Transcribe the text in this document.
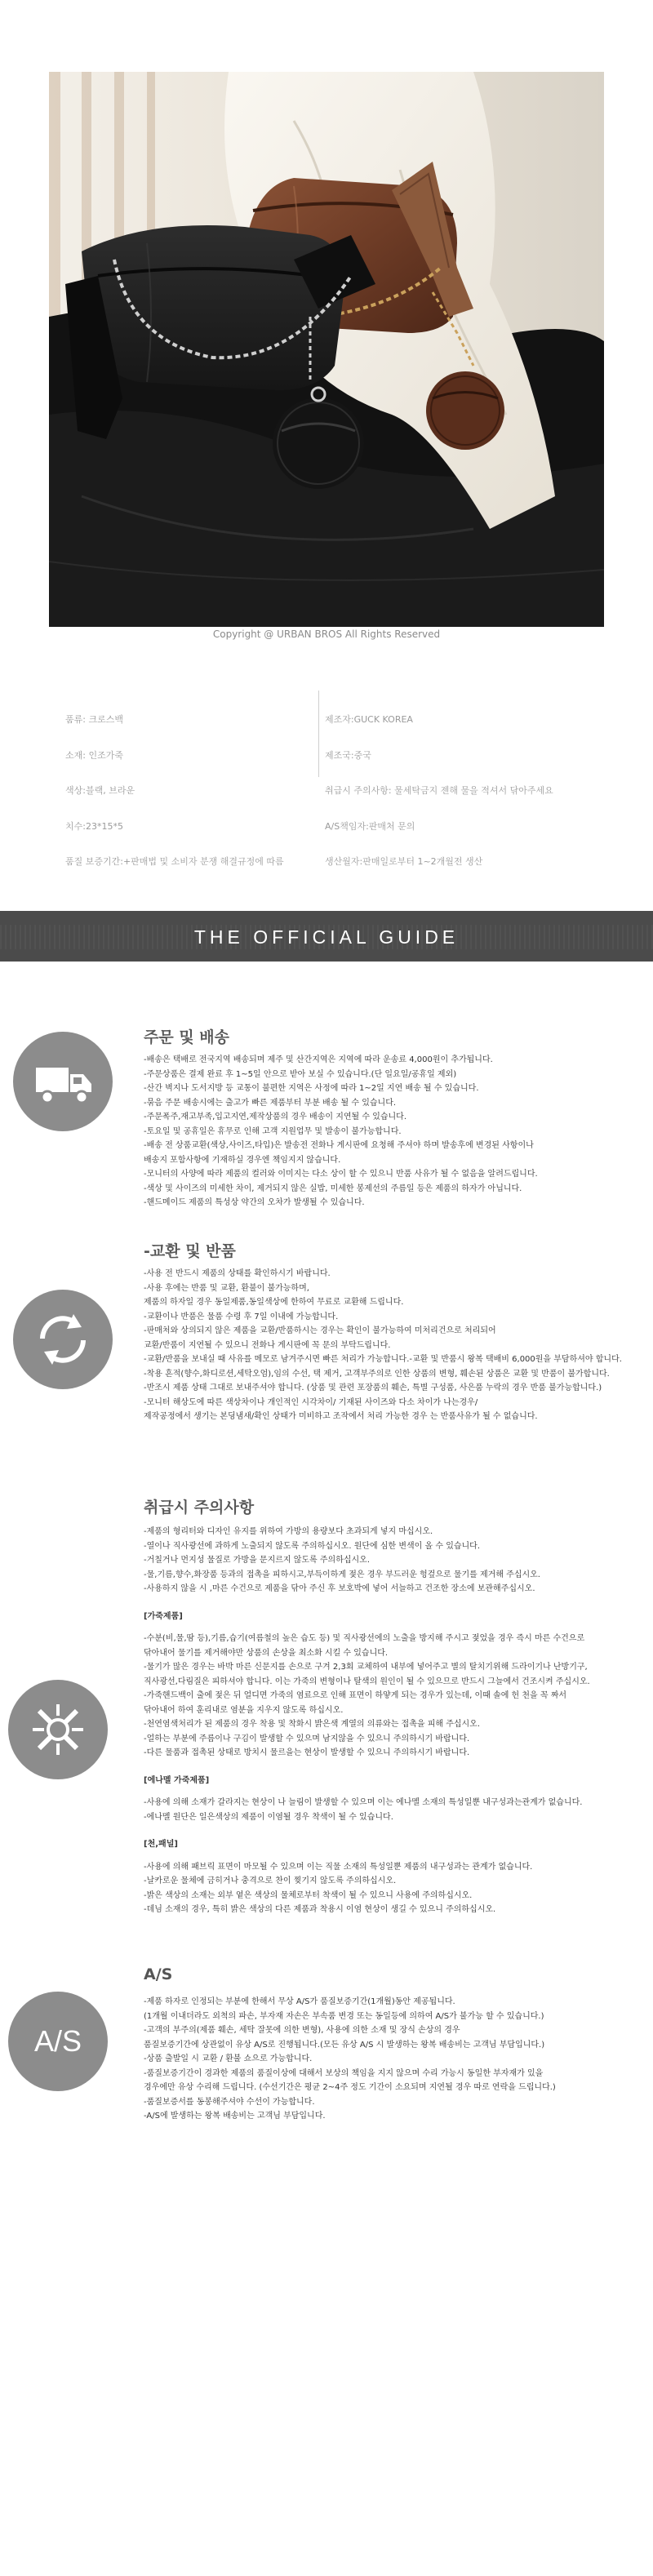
Copyright @ URBAN BROS All Rights Reserved

품류: 크로스백

소재: 인조가죽

색상:블랙, 브라운

치수:23*15*5

품질 보증기간:+판매법 및 소비자 분쟁 해결규정에 따름

제조자:GUCK KOREA

제조국:중국

취급시 주의사항: 물세탁금지 젠해 물을 적셔서 닦아주세요

A/S책임자:판매처 문의

생산월자:판매일로부터 1~2개월전 생산

THE OFFICIAL GUIDE
주문 및 배송
-배송은 택배로 전국지역 배송되며 제주 및 산간지역은 지역에 따라 운송료 4,000원이 추가됩니다.
-주문상품은 결제 완료 후 1~5일 안으로 받아 보실 수 있습니다.(단 일요일/공휴일 제외)
-산간 벽지나 도서지방 등 교통이 불편한 지역은 사정에 따라 1~2일 지연 배송 될 수 있습니다.
-묶음 주문 배송시에는 출고가 빠른 제품부터 부분 배송 될 수 있습니다.
-주문폭주,재고부족,입고지연,제작상품의 경우 배송이 지연될 수 있습니다.
-토요일 및 공휴일은 휴무로 인해 고객 지원업무 및 발송이 불가능합니다.
-배송 전 상품교환(색상,사이즈,타입)은 발송전 전화나 게시판에 요청해 주셔야 하며 발송후에 변경된 사항이나
배송지 포함사항에 기재하실 경우엔 책임지지 않습니다.
-모니터의 사양에 따라 제품의 컬러와 이미지는 다소 상이 할 수 있으니 반품 사유가 될 수 없음을 알려드립니다.
-색상 및 사이즈의 미세한 차이, 제거되지 않은 실밥, 미세한 봉제선의 주름일 등은 제품의 하자가 아닙니다.
-핸드메이드 제품의 특성상 약간의 오차가 발생될 수 있습니다.
-교환 및 반품
-사용 전 반드시 제품의 상태를 확인하시기 바랍니다.
-사용 후에는 반품 및 교환, 환불이 불가능하며,
제품의 하자일 경우 동일제품,동일색상에 한하여 무료로 교환해 드립니다.
-교환이나 반품은 물품 수령 후 7일 이내에 가능합니다.
-판매처와 상의되지 않은 제품을 교환/반품하시는 경우는 확인이 불가능하여 미처리건으로 처리되어
교환/반품이 지연될 수 있으니 전화나 게시판에 꼭 문의 부탁드립니다.
-교환/반품을 보내실 때 사유를 메모로 남겨주시면 빠른 처리가 가능합니다.-교환 및 반품시 왕복 택배비 6,000원을 부담하셔야 합니다.
-착용 흔적(향수,화디로션,세탁오엄),임의 수선, 택 제거, 고객부주의로 인한 상품의 변형, 훼손된 상품은 교환 및 반품이 불가합니다.
-반조시 제품 상태 그대로 보내주셔야 합니다. (상품 및 관련 포장품의 훼손, 특별 구성품, 사은품 누락의 경우 반품 불가능합니다.)
-모니터 해상도에 따른 색상차이나 개인적인 시각차이/ 기재된 사이즈와 다소 차이가 나는경우/
제작공정에서 생기는 본딩냄새/확인 상태가 미비하고 조작에서 처리 가능한 경우 는 반품사유가 될 수 없습니다.
취급시 주의사항
-제품의 형리터와 디자인 유지를 위하여 가방의 용량보다 초과되게 넣지 마십시오.
-열이나 직사광선에 과하게 노출되지 않도록 주의하십시오. 원단에 심한 변색이 올 수 있습니다.
-거칠거나 먼지성 물질로 가방을 문지르지 않도록 주의하십시오.
-물,기름,향수,화장품 등과의 접촉을 피하시고,부득이하게 젖은 경우 부드러운 헝겊으로 물기를 제거해 주십시오.
-사용하지 않을 시 ,마른 수건으로 제품을 닦아 주신 후 보호박에 넣어 서늘하고 건조한 장소에 보관해주십시오.
[가죽제품]
-수분(비,물,땀 등),기름,습기(여름철의 높은 습도 등) 및 직사광선에의 노출을 방지해 주시고 젖었을 경우 즉시 마른 수건으로
닦아내어 물기를 제거해야만 상품의 손상을 최소화 시킬 수 있습니다.
-물기가 많은 경우는 바박 마른 신문지를 손으로 구겨 2,3회 교체하여 내부에 넣어주고 별의 탈치기위해 드라이기나 난방기구,
직사광선,다림질은 피하셔야 합니다. 이는 가죽의 변형이나 탈색의 원인이 될 수 있으므로 반드시 그늘에서 건조시켜 주십시오.
-가죽핸드백이 출에 젖은 뒤 얼디면 가죽의 염료으로 인해 표면이 하얗게 되는 경우가 있는데, 이때 솔에 헌 천을 꼭 짜서
닦아내어 하여 훈리내로 염분을 지우지 않도록 하십시오.
-천연염색처리가 된 제품의 경우 착용 및 착화시 밝은색 계열의 의류와는 접촉을 피해 주십시오.
-얼하는 부분에 주름이나 구김이 발생할 수 있으며 남지않을 수 있으니 주의하시기 바랍니다.
-다른 물품과 접촉된 상태로 방치시 물르을는 현상이 발생할 수 있으니 주의하시기 바랍니다.
[에나멜 가죽제품]
-사용에 의해 소재가 갈라지는 현상이 나 늘림이 발생할 수 있으며 이는 에나멜 소재의 특성일뿐 내구성과는관계가 없습니다.
-에나멜 원단은 일은색상의 제품이 이염될 경우 착색이 될 수 있습니다.
[천,패널]
-사용에 의해 패브릭 표면이 마모될 수 있으며 이는 직물 소재의 특성일뿐 제품의 내구성과는 관계가 없습니다.
-날카로운 물체에 금히거나 충격으로 찬이 찢기지 않도록 주의하십시오.
-밝은 색상의 소재는 외부 옅은 색상의 물체로부터 착색이 될 수 있으니 사용에 주의하십시오.
-데님 소재의 경우, 특히 밝은 색상의 다른 제품과 착용시 이염 현상이 생길 수 있으니 주의하십시오.
A/S
A/S
-제품 하자로 인정되는 부분에 한해서 무상 A/S가 품질보증기간(1개월)동안 제공됩니다.
(1개월 이내더라도 외척의 파손, 부자재 자손은 부속품 변경 또는 동일등에 의하여 A/S가 불가능 할 수 있습니다.)
-고객의 부주의(제품 훼손, 세탁 잘못에 의한 변형), 사용에 의한 소재 및 장식 손상의 경우
품질보증기간에 상관없이 유상 A/S로 진행됩니다.(모든 유상 A/S 시 발생하는 왕복 배송비는 고객님 부담입니다.)
-상품 출발일 시 교환 / 환불 쇼으로 가능합니다.
-품질보증기간이 경과한 제품의 품질이상에 대해서 보상의 책임을 지지 않으며 수리 가능시 동일한 부자재가 있을
경우에만 유상 수리해 드립니다. (수선기간은 평균 2~4주 정도 기간이 소요되며 지연될 경우 따로 연락을 드립니다.)
-품질보증서를 동봉해주셔야 수선이 가능합니다.
-A/S에 발생하는 왕복 배송비는 고객님 부담입니다.
